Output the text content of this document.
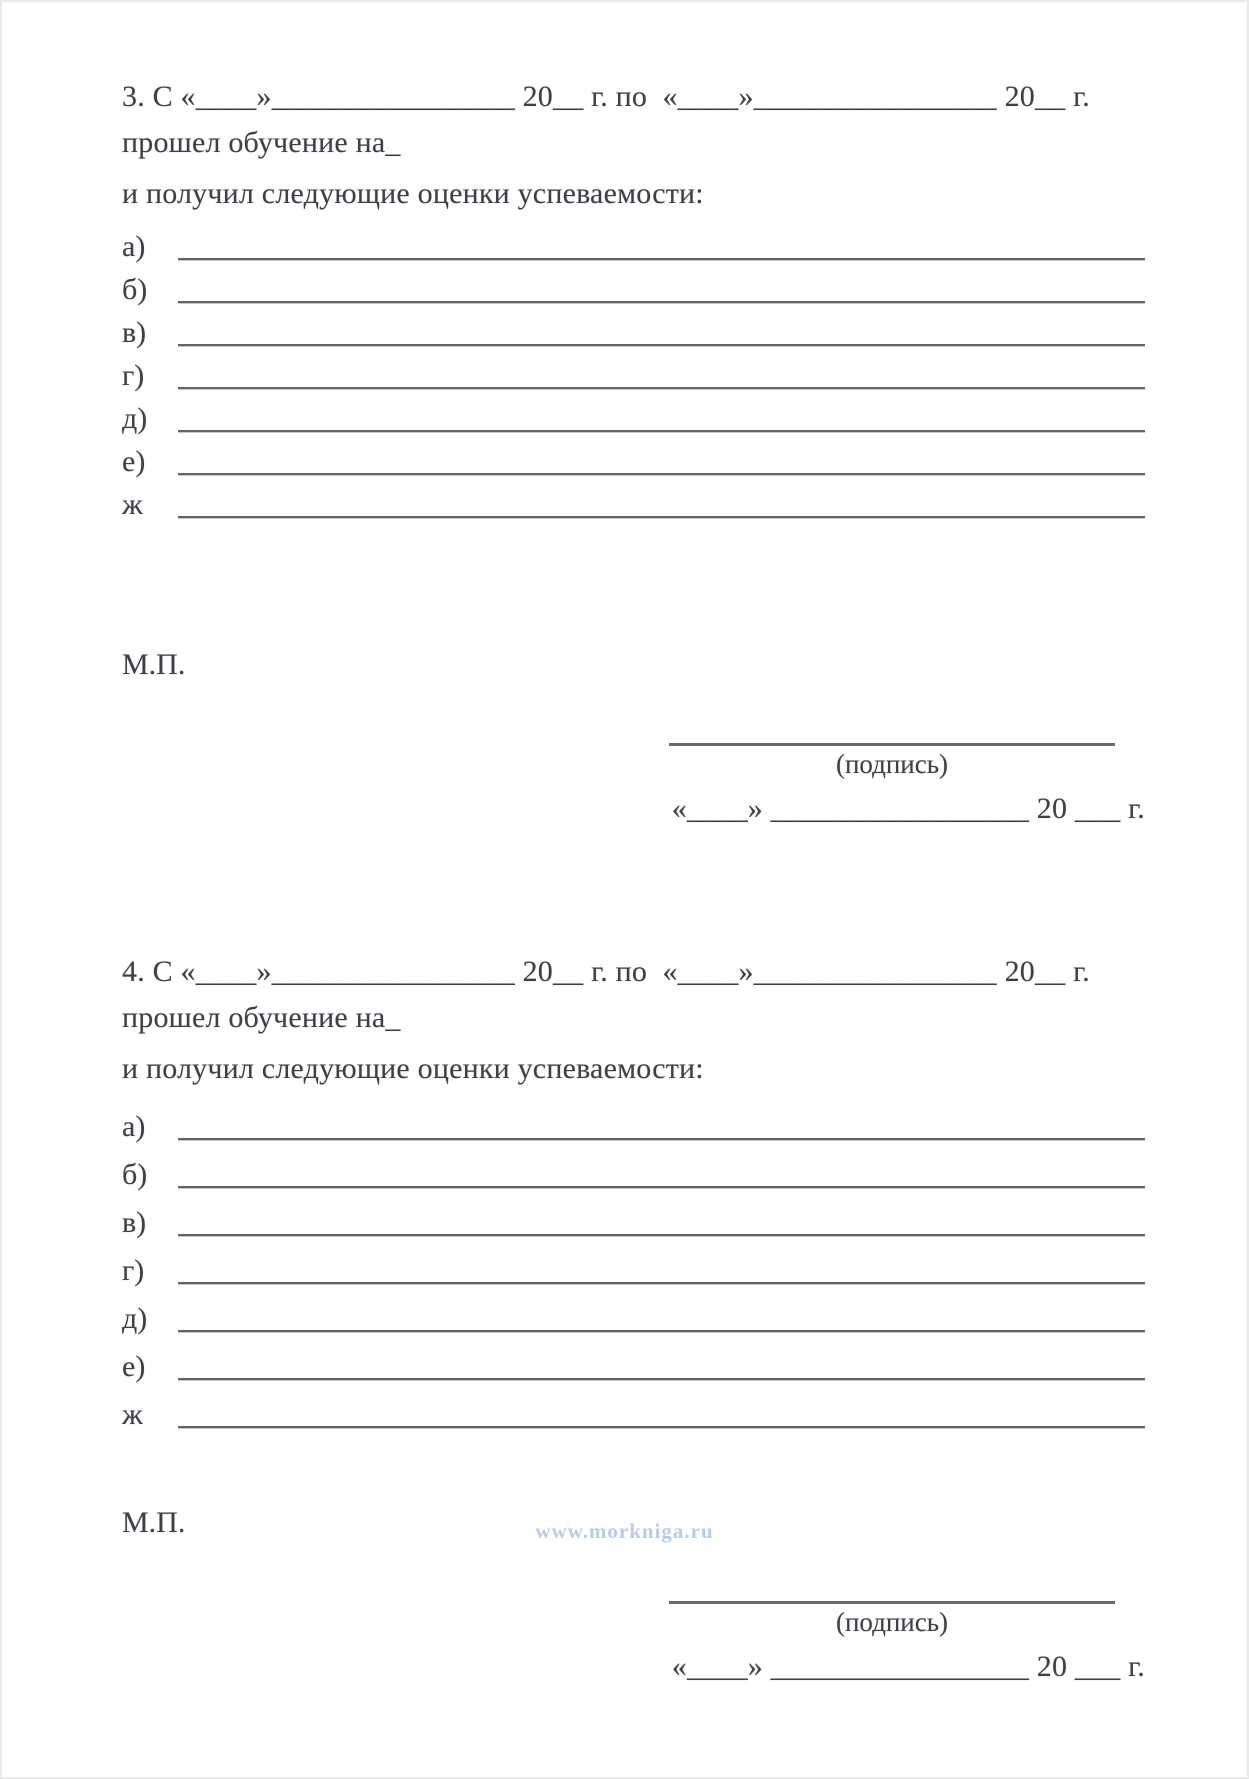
3. С «____»________________ 20__ г. по  «____»________________ 20__ г.

прошел обучение на_

и получил следующие оценки успеваемости:

а)
б)
в)
г)
д)
е)
ж

М.П.

(подпись)
«____» _________________ 20 ___ г.

4. С «____»________________ 20__ г. по  «____»________________ 20__ г.

прошел обучение на_

и получил следующие оценки успеваемости:

а)
б)
в)
г)
д)
е)
ж

М.П.

(подпись)
«____» _________________ 20 ___ г.
www.morkniga.ru
